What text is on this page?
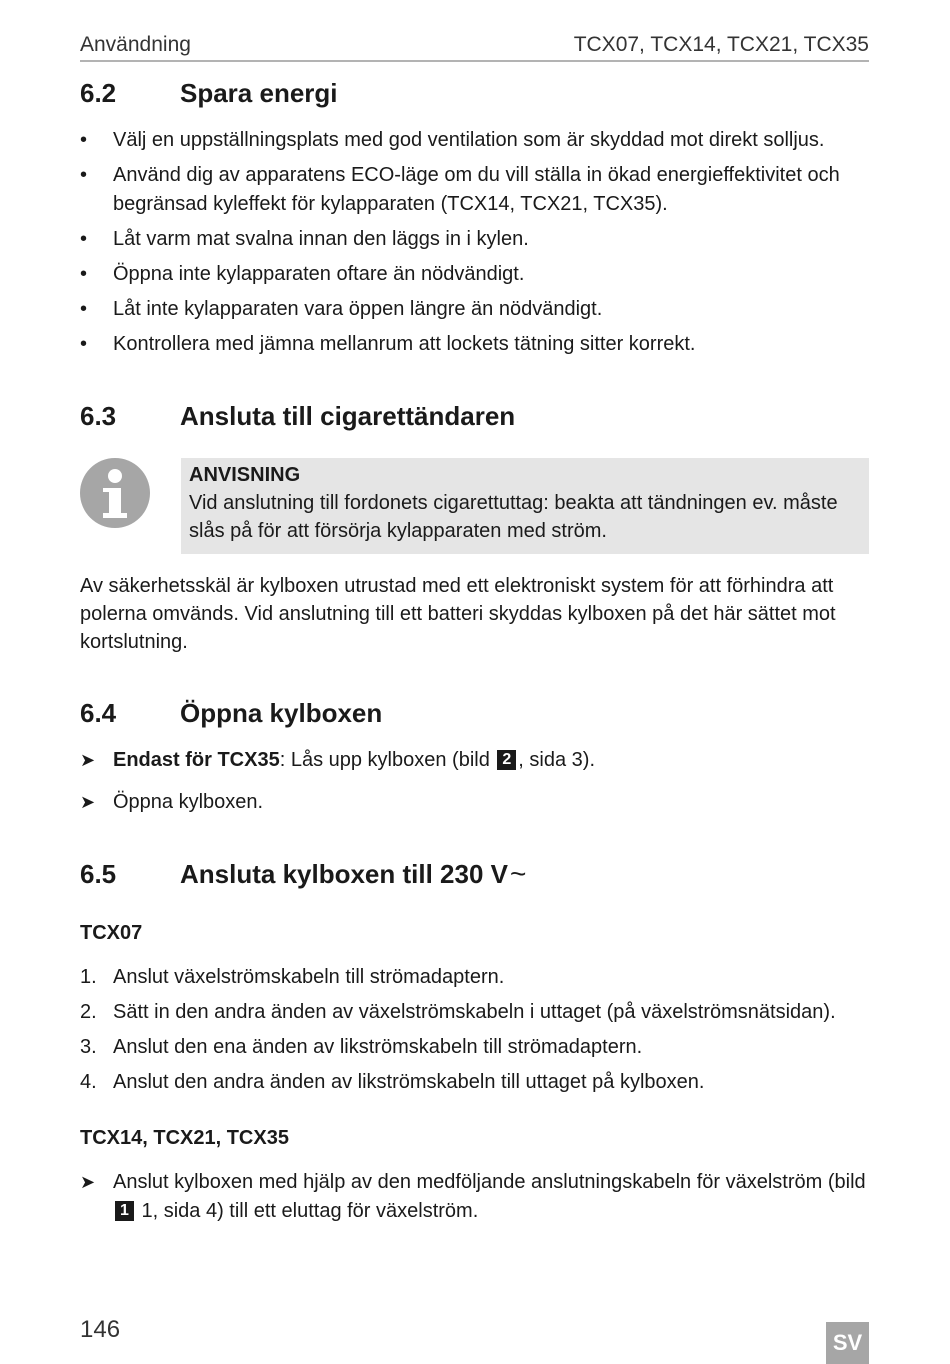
Användning	TCX07, TCX14, TCX21, TCX35
6.2	Spara energi
• Välj en uppställningsplats med god ventilation som är skyddad mot direkt solljus.
• Använd dig av apparatens ECO-läge om du vill ställa in ökad energieffektivitet och begränsad kyleffekt för kylapparaten (TCX14, TCX21, TCX35).
• Låt varm mat svalna innan den läggs in i kylen.
• Öppna inte kylapparaten oftare än nödvändigt.
• Låt inte kylapparaten vara öppen längre än nödvändigt.
• Kontrollera med jämna mellanrum att lockets tätning sitter korrekt.
6.3	Ansluta till cigarettändaren
ANVISNING
Vid anslutning till fordonets cigarettuttag: beakta att tändningen ev. måste slås på för att försörja kylapparaten med ström.
Av säkerhetsskäl är kylboxen utrustad med ett elektroniskt system för att förhindra att polerna omvänds. Vid anslutning till ett batteri skyddas kylboxen på det här sättet mot kortslutning.
6.4	Öppna kylboxen
➤ Endast för TCX35: Lås upp kylboxen (bild 2 , sida 3).
➤ Öppna kylboxen.
6.5	Ansluta kylboxen till 230 V ~
TCX07
1. Anslut växelströmskabeln till strömadaptern.
2. Sätt in den andra änden av växelströmskabeln i uttaget (på växelströmsnätsidan).
3. Anslut den ena änden av likströmskabeln till strömadaptern.
4. Anslut den andra änden av likströmskabeln till uttaget på kylboxen.
TCX14, TCX21, TCX35
➤ Anslut kylboxen med hjälp av den medföljande anslutningskabeln för växelström (bild 1 1, sida 4) till ett eluttag för växelström.
146	SV
